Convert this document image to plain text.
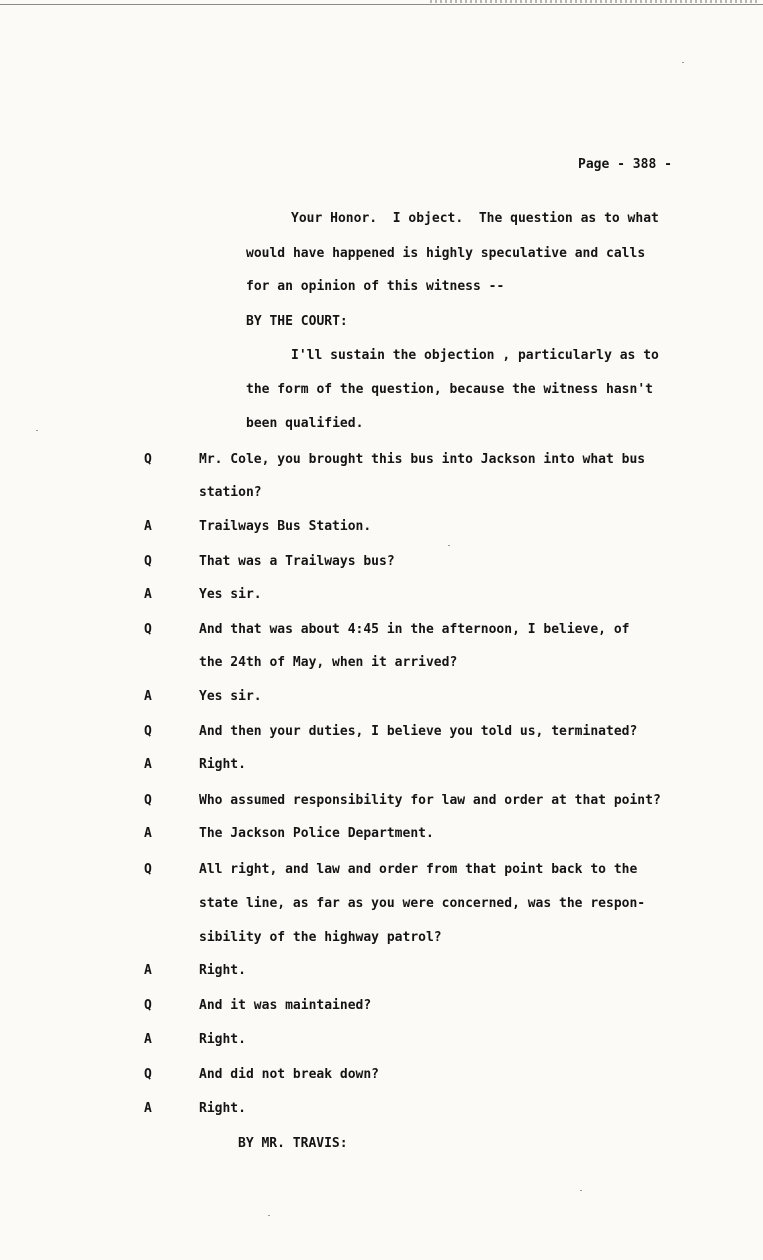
Page - 388 -
Your Honor.  I object.  The question as to what
would have happened is highly speculative and calls
for an opinion of this witness --
BY THE COURT:
I'll sustain the objection , particularly as to
the form of the question, because the witness hasn't
been qualified.
Mr. Cole, you brought this bus into Jackson into what bus
station?
Trailways Bus Station.
That was a Trailways bus?
Yes sir.
And that was about 4:45 in the afternoon, I believe, of
the 24th of May, when it arrived?
Yes sir.
And then your duties, I believe you told us, terminated?
Right.
Who assumed responsibility for law and order at that point?
The Jackson Police Department.
All right, and law and order from that point back to the
state line, as far as you were concerned, was the respon-
sibility of the highway patrol?
Right.
And it was maintained?
Right.
And did not break down?
Right.
BY MR. TRAVIS:
Q
A
Q
A
Q
A
Q
A
Q
A
Q
A
Q
A
Q
A
